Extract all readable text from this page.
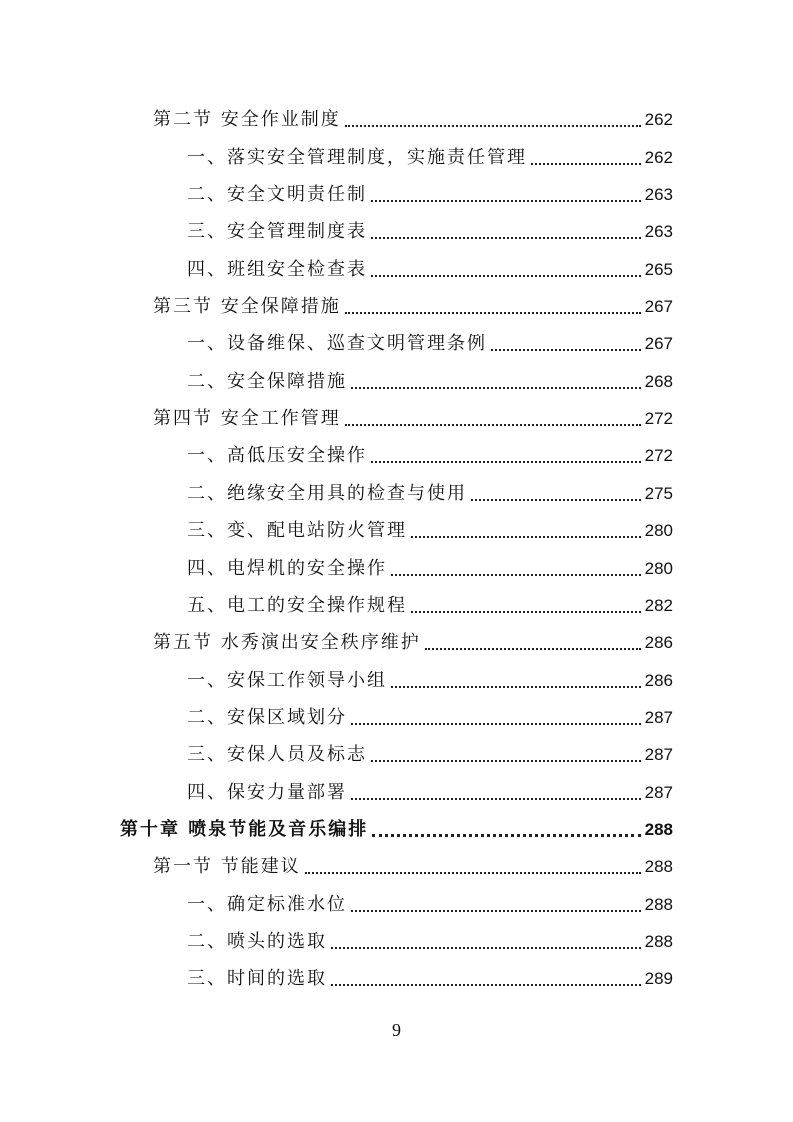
第二节 安全作业制度	262
一、落实安全管理制度，实施责任管理	262
二、安全文明责任制	263
三、安全管理制度表	263
四、班组安全检查表	265
第三节 安全保障措施	267
一、设备维保、巡查文明管理条例	267
二、安全保障措施	268
第四节 安全工作管理	272
一、高低压安全操作	272
二、绝缘安全用具的检查与使用	275
三、变、配电站防火管理	280
四、电焊机的安全操作	280
五、电工的安全操作规程	282
第五节 水秀演出安全秩序维护	286
一、安保工作领导小组	286
二、安保区域划分	287
三、安保人员及标志	287
四、保安力量部署	287
第十章 喷泉节能及音乐编排	288
第一节 节能建议	288
一、确定标准水位	288
二、喷头的选取	288
三、时间的选取	289
9
